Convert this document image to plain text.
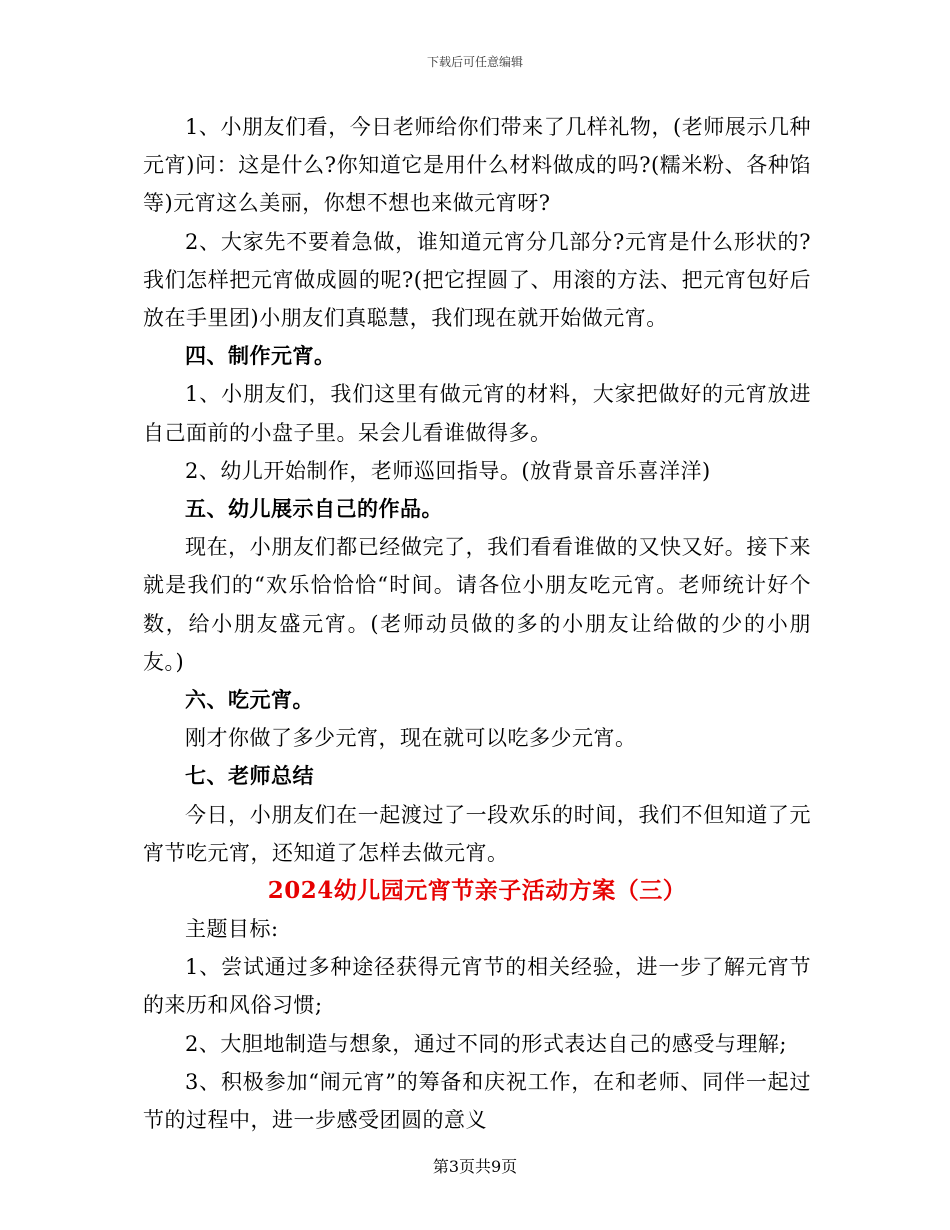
下载后可任意编辑

1、小朋友们看，今日老师给你们带来了几样礼物，(老师展示几种元宵)问：这是什么?你知道它是用什么材料做成的吗?(糯米粉、各种馅等)元宵这么美丽，你想不想也来做元宵呀?

2、大家先不要着急做，谁知道元宵分几部分?元宵是什么形状的?我们怎样把元宵做成圆的呢?(把它捏圆了、用滚的方法、把元宵包好后放在手里团)小朋友们真聪慧，我们现在就开始做元宵。

四、制作元宵。

1、小朋友们，我们这里有做元宵的材料，大家把做好的元宵放进自己面前的小盘子里。呆会儿看谁做得多。

2、幼儿开始制作，老师巡回指导。(放背景音乐喜洋洋)

五、幼儿展示自己的作品。

现在，小朋友们都已经做完了，我们看看谁做的又快又好。接下来就是我们的“欢乐恰恰恰“时间。请各位小朋友吃元宵。老师统计好个数，给小朋友盛元宵。(老师动员做的多的小朋友让给做的少的小朋友。)

六、吃元宵。

刚才你做了多少元宵，现在就可以吃多少元宵。

七、老师总结

今日，小朋友们在一起渡过了一段欢乐的时间，我们不但知道了元宵节吃元宵，还知道了怎样去做元宵。

2024幼儿园元宵节亲子活动方案（三）

主题目标:

1、尝试通过多种途径获得元宵节的相关经验，进一步了解元宵节的来历和风俗习惯;

2、大胆地制造与想象，通过不同的形式表达自己的感受与理解;

3、积极参加“闹元宵”的筹备和庆祝工作，在和老师、同伴一起过节的过程中，进一步感受团圆的意义

第3页共9页
